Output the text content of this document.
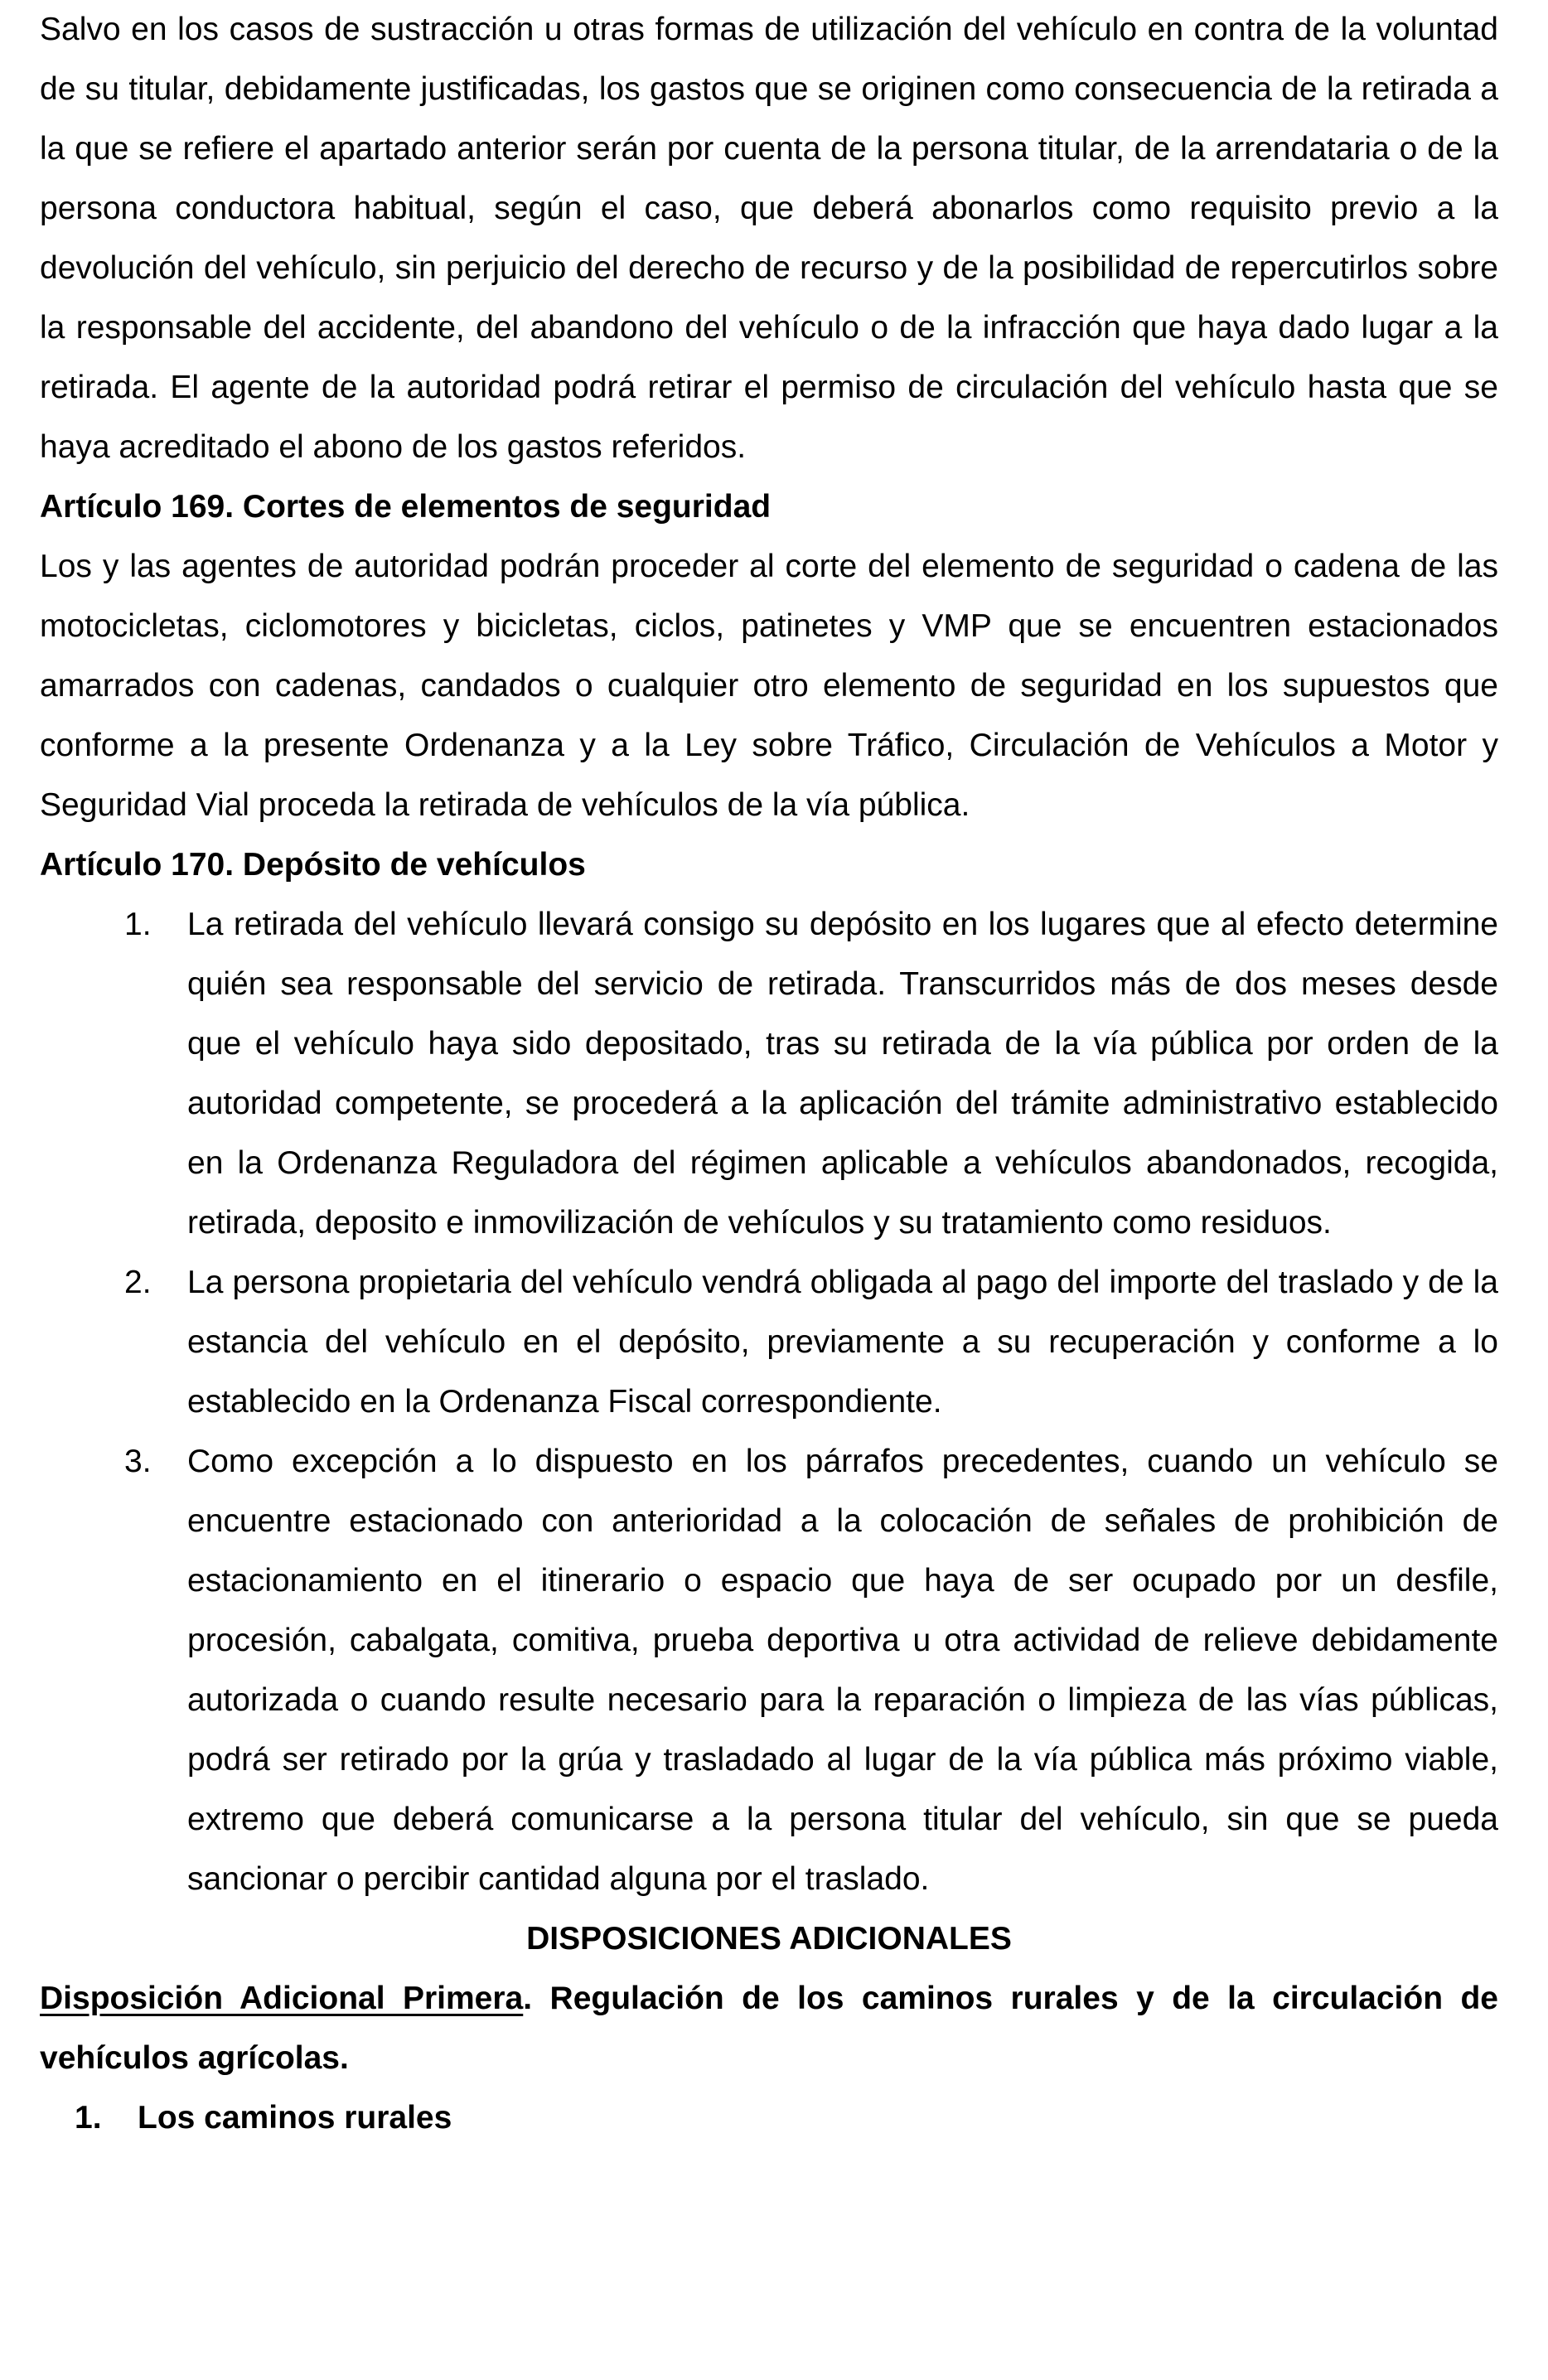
Salvo en los casos de sustracción u otras formas de utilización del vehículo en contra de la voluntad de su titular, debidamente justificadas, los gastos que se originen como consecuencia de la retirada a la que se refiere el apartado anterior serán por cuenta de la persona titular, de la arrendataria o de la persona conductora habitual, según el caso, que deberá abonarlos como requisito previo a la devolución del vehículo, sin perjuicio del derecho de recurso y de la posibilidad de repercutirlos sobre la responsable del accidente, del abandono del vehículo o de la infracción que haya dado lugar a la retirada. El agente de la autoridad podrá retirar el permiso de circulación del vehículo hasta que se haya acreditado el abono de los gastos referidos.

Artículo 169. Cortes de elementos de seguridad

Los y las agentes de autoridad podrán proceder al corte del elemento de seguridad o cadena de las motocicletas, ciclomotores y bicicletas, ciclos, patinetes y VMP que se encuentren estacionados amarrados con cadenas, candados o cualquier otro elemento de seguridad en los supuestos que conforme a la presente Ordenanza y a la Ley sobre Tráfico, Circulación de Vehículos a Motor y Seguridad Vial proceda la retirada de vehículos de la vía pública.

Artículo 170. Depósito de vehículos
1. La retirada del vehículo llevará consigo su depósito en los lugares que al efecto determine quién sea responsable del servicio de retirada. Transcurridos más de dos meses desde que el vehículo haya sido depositado, tras su retirada de la vía pública por orden de la autoridad competente, se procederá a la aplicación del trámite administrativo establecido en la Ordenanza Reguladora del régimen aplicable a vehículos abandonados, recogida, retirada, deposito e inmovilización de vehículos y su tratamiento como residuos.
2. La persona propietaria del vehículo vendrá obligada al pago del importe del traslado y de la estancia del vehículo en el depósito, previamente a su recuperación y conforme a lo establecido en la Ordenanza Fiscal correspondiente.
3. Como excepción a lo dispuesto en los párrafos precedentes, cuando un vehículo se encuentre estacionado con anterioridad a la colocación de señales de prohibición de estacionamiento en el itinerario o espacio que haya de ser ocupado por un desfile, procesión, cabalgata, comitiva, prueba deportiva u otra actividad de relieve debidamente autorizada o cuando resulte necesario para la reparación o limpieza de las vías públicas, podrá ser retirado por la grúa y trasladado al lugar de la vía pública más próximo viable, extremo que deberá comunicarse a la persona titular del vehículo, sin que se pueda sancionar o percibir cantidad alguna por el traslado.
DISPOSICIONES ADICIONALES
Disposición Adicional Primera. Regulación de los caminos rurales y de la circulación de vehículos agrícolas.
1. Los caminos rurales
